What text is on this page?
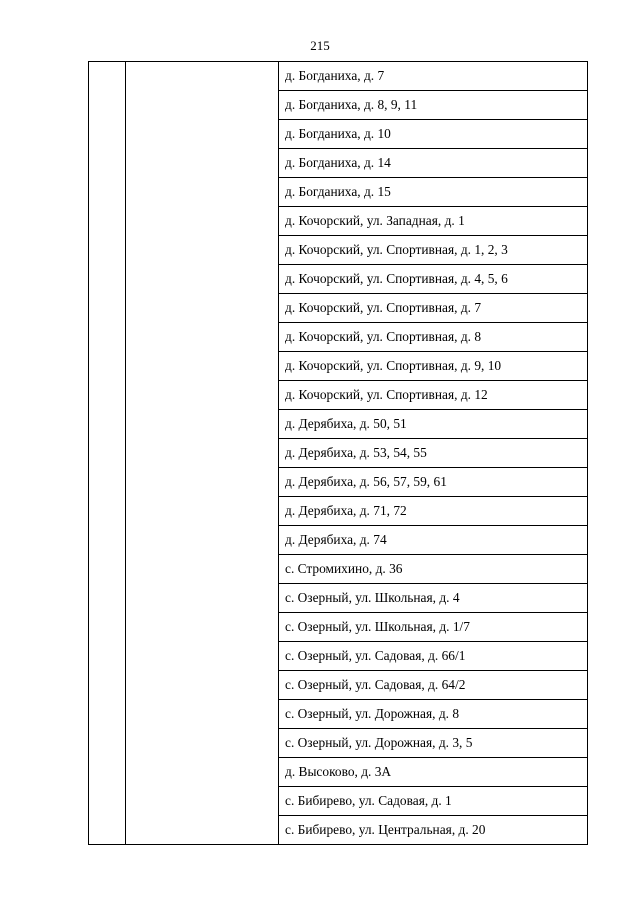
215
		д. Богданиха, д. 7
д. Богданиха, д. 8, 9, 11
д. Богданиха, д. 10
д. Богданиха, д. 14
д. Богданиха, д. 15
д. Кочорский, ул. Западная, д. 1
д. Кочорский, ул. Спортивная, д. 1, 2, 3
д. Кочорский, ул. Спортивная, д. 4, 5, 6
д. Кочорский, ул. Спортивная, д. 7
д. Кочорский, ул. Спортивная, д. 8
д. Кочорский, ул. Спортивная, д. 9, 10
д. Кочорский, ул. Спортивная, д. 12
д. Дерябиха, д. 50, 51
д. Дерябиха, д. 53, 54, 55
д. Дерябиха, д. 56, 57, 59, 61
д. Дерябиха, д. 71, 72
д. Дерябиха, д. 74
с. Стромихино, д. 36
с. Озерный, ул. Школьная, д. 4
с. Озерный, ул. Школьная, д. 1/7
с. Озерный, ул. Садовая, д. 66/1
с. Озерный, ул. Садовая, д. 64/2
с. Озерный, ул. Дорожная, д. 8
с. Озерный, ул. Дорожная, д. 3, 5
д. Высоково, д. 3А
с. Бибирево, ул. Садовая, д. 1
с. Бибирево, ул. Центральная, д. 20
